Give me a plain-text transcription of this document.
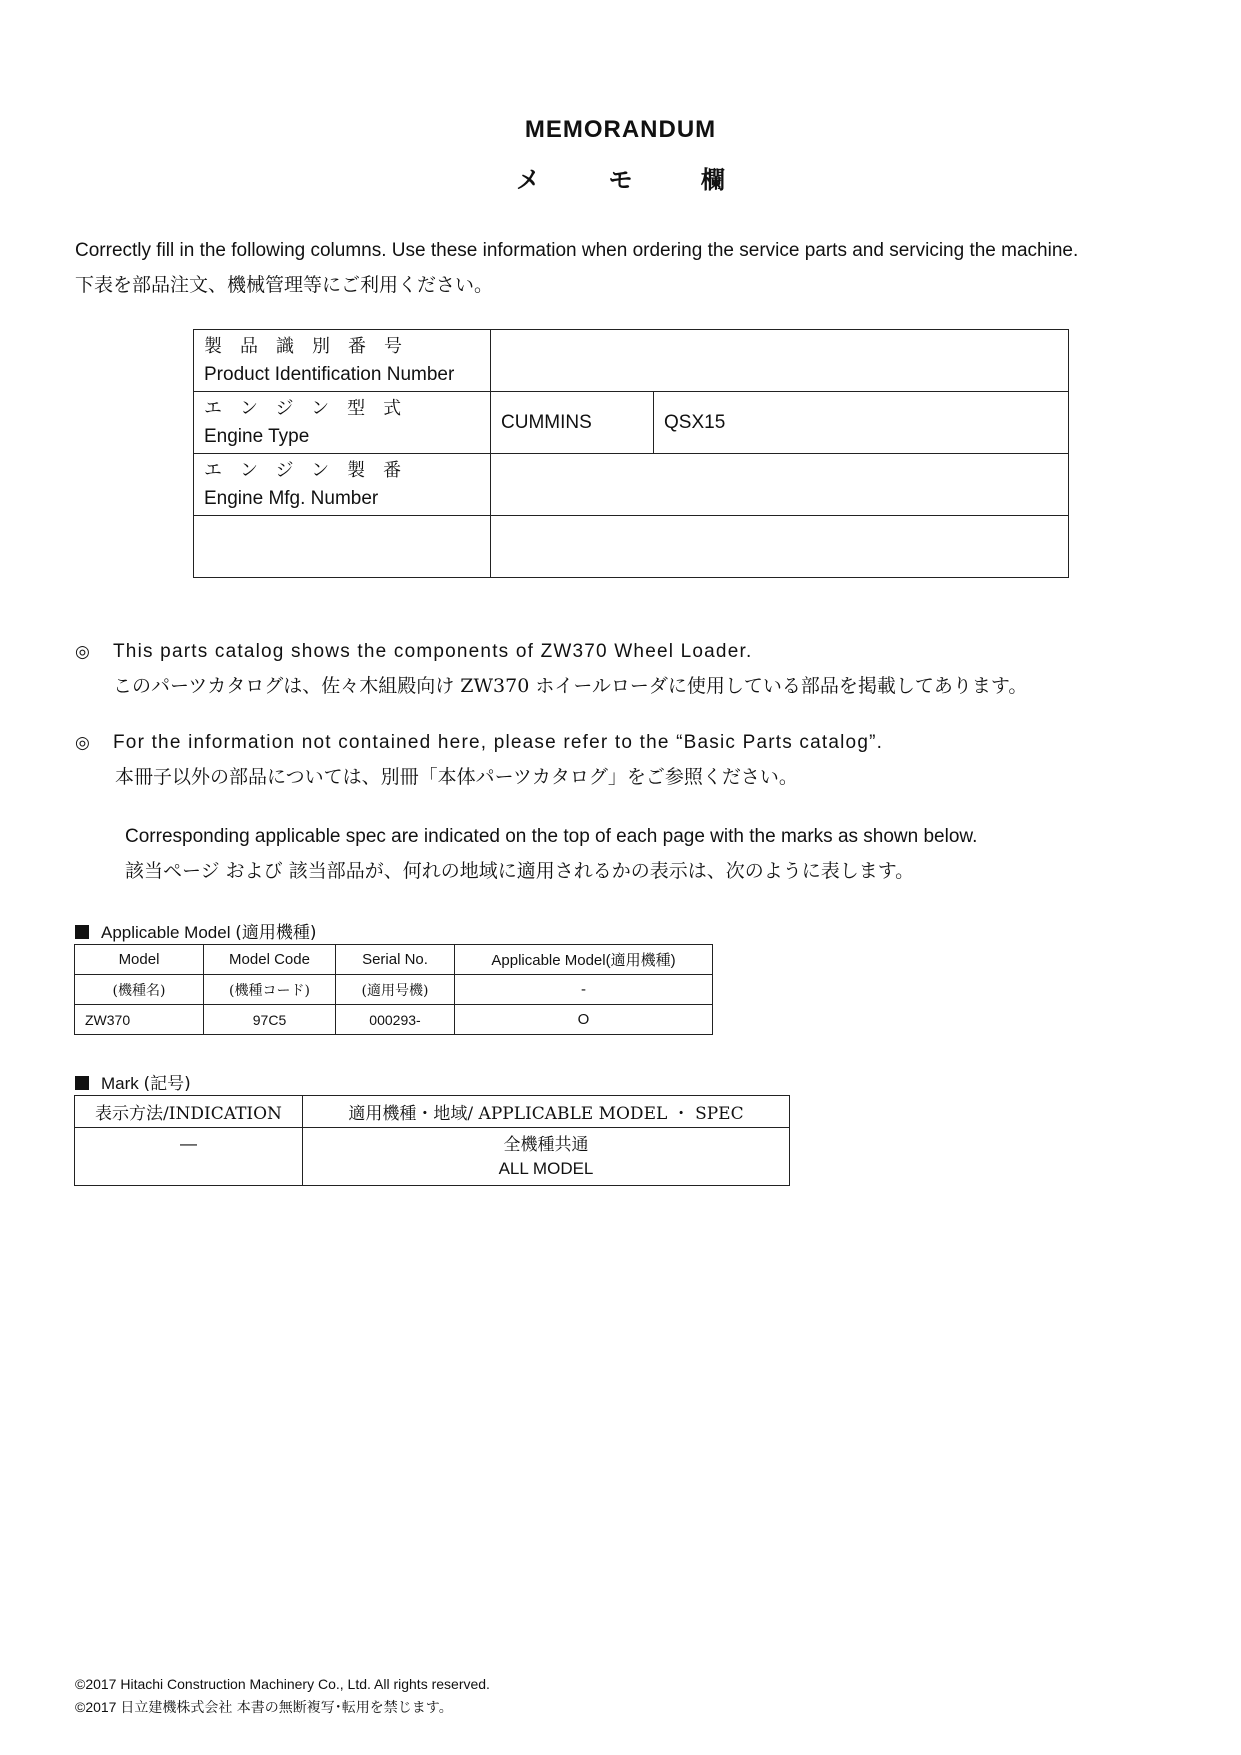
MEMORANDUM
メ	モ	欄
Correctly fill in the following columns. Use these information when ordering the service parts and servicing the machine.
下表を部品注文、機械管理等にご利用ください。
製品識別番号
Product Identification Number		

エンジン型式
Engine Type	CUMMINS	QSX15

エンジン製番
Engine Mfg. Number		

◎ This parts catalog shows the components of ZW370 Wheel Loader.
このパーツカタログは、佐々木組殿向け ZW370 ホイールローダに使用している部品を掲載してあります。
◎ For the information not contained here, please refer to the “Basic Parts catalog”.
本冊子以外の部品については、別冊「本体パーツカタログ」をご参照ください。
Corresponding applicable spec are indicated on the top of each page with the marks as shown below.
該当ページ および 該当部品が、何れの地域に適用されるかの表示は、次のように表します。
Applicable Model (適用機種)
Model	Model Code	Serial No.	Applicable Model(適用機種)
(機種名)	(機種コード)	(適用号機)	-
ZW370	97C5	000293-	O
Mark (記号)
表示方法/INDICATION	適用機種・地域/ APPLICABLE MODEL ・ SPEC
—	全機種共通
ALL MODEL
©2017 Hitachi Construction Machinery Co., Ltd. All rights reserved.
©2017 日立建機株式会社 本書の無断複写･転用を禁じます。
